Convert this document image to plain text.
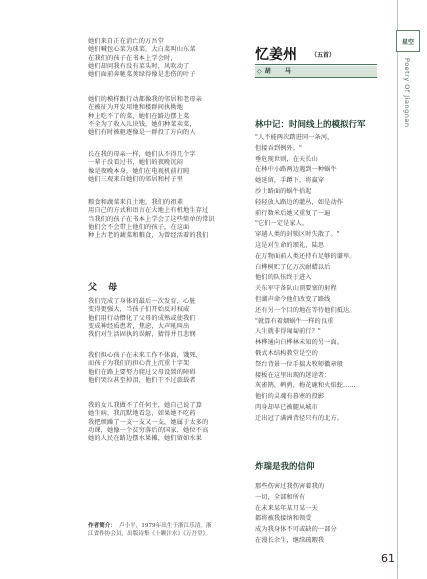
她们来自正在消亡的万吾堂
她们喊包心菜为球菜，大白菜叫山东菜
在我们的孩子在书本上学会时，
她们却问我有没有菜头时，风吹动了
她们面前奔驰菜荚绿得像是悲伤的叶子
她们的模样跟行动都像我的邻居和老母亲
在被征为开发用地和楼群间执拗地
种上吃不了的菜，她们在路边摆上菜
不全为了收入儿块钱，她们种菜卖菜，
她们有时被驱逐像是一群投了方向的人
长在我的母亲一样，她们认不得几个字
一辈子没看过书，她们的夜晚沉闷
像是夜晚本身，她们在电视机前打盹
她们三观来自她们的邻居和村子里
粮食和蔬菜来自土地，我们的祖辈
用自己的方式和语言在大地上有机地生存过
当我们的孩子在书本上学会了这些简单的常识
他们会不会带上他们的孩子，在这面
种上古老的蔬菜和粮食，为曾经活着的我们
父 母
我们完成了身体的最后一次发育，心脏
变得更强大，当孩子们开始反对权威
他们用行动僭化了父母的成熟或使我们
变成神经质患者，焦虑，大声吼叫出
我们对生活固执的误解，猜得并且悲悯
我们担心孩子在未来工作不体面，饿死，
而孩子为我们的担心背上沉重十字架
他们在路上要努力爬过父母设置的障碍
他们哭泣甚至掉泪，他们干不过旅载者
我的女儿我做不了任何主，她自己说了算
她生病，我沉默地看急，如果她不吃药
我把烦躁了一支一支又一支，她属于太多的
功课，她像一个贫穷落后的国家，她位不高
她的人民在路边摆水果摊，她们留如水果
作者简介： 卢小平，1979年出生于浙江乐清。浙
江省作协会员，出版诗集《十颗汁水》《万吾堂》。
忆姜州 （五首）
◇ 胡 马
林中记：时间线上的模拟行军
"人不能两次踏进同一条河，
但接吞到例外。"
垂危现世则，在天长山
在林中小路两边遇到一种蜗牛
她延留，手蹲下，将羸穿
沙土路面的蜗牛拾起
轻轻放入路边的灌丛，如是动作
前行数米后她又重复了一遍
"它们一定是家人，
穿越人类的封锁区时失散了。"
这是对生命的颂礼，陆思
在万物面前人类还持有足够的谦卑。
白桦树贮了亿万次耐蜡以后
他们的队伍终于进入
关东军守备队山顶要塞的射程
但湖声命令他们改变了路线
还有另一个目的地在等待他们抵达。
"就算有着烟蜗牛一样的良重
人生就非得匍匐前行？"
林桦通向白桦林未知的另一面。
俄式木结构教堂是空的
祭台背景一位手揣大牧师徽章般
接板在这里出现的迷途者：
灰雀鹊，鹌鹑，梅花鹿和火焰蛇……
他们的灵魂有暮寒的投影
肉身却早已被腿从城市
迁出冠了满洲背径只有的北方。
炸瑞是我的信仰
那些伤害过我伤害着我的
一切，全部和所有
在未来某年某月某一天
都将被我接纳和领受
成为我身体不可或缺的一部分
在漫长余生，继续疏暇我
星空
Poetry Of Jiangnan
61
